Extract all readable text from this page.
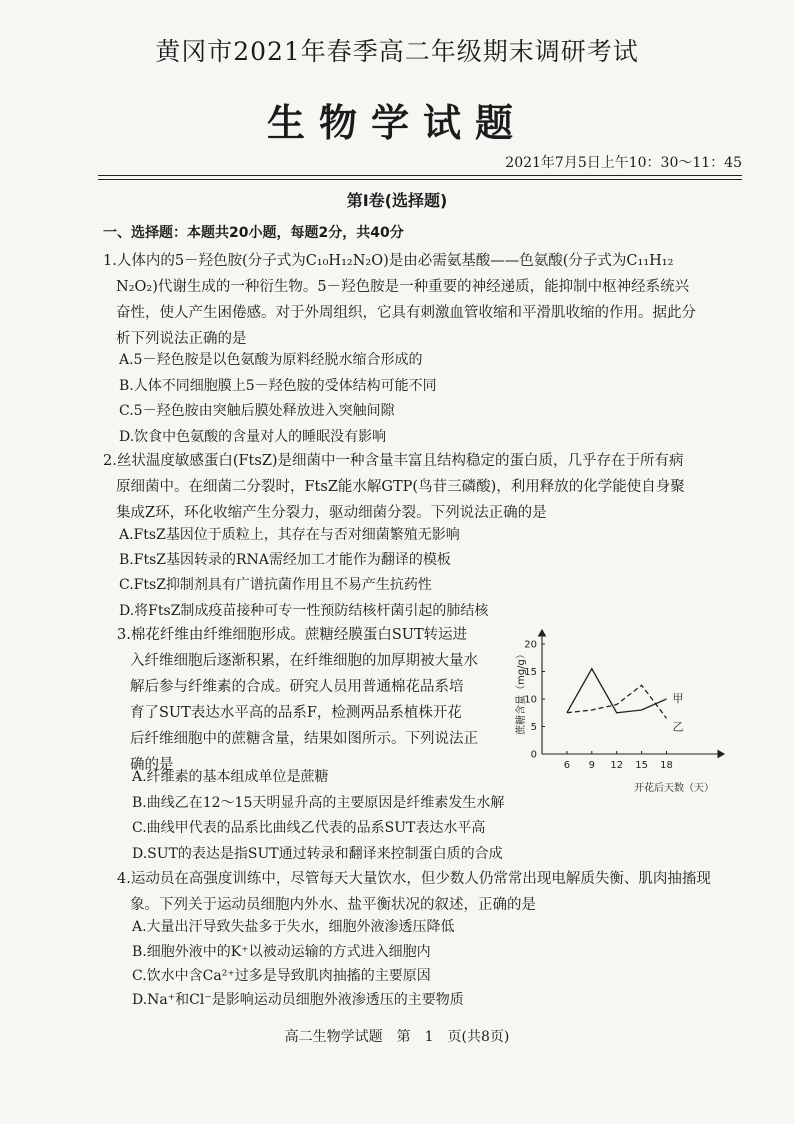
黄冈市2021年春季高二年级期末调研考试
生物学试题
2021年7月5日上午10：30～11：45
第Ⅰ卷(选择题)
一、选择题：本题共20小题，每题2分，共40分
1.人体内的5－羟色胺(分子式为C₁₀H₁₂N₂O)是由必需氨基酸——色氨酸(分子式为C₁₁H₁₂
N₂O₂)代谢生成的一种衍生物。5－羟色胺是一种重要的神经递质，能抑制中枢神经系统兴
奋性，使人产生困倦感。对于外周组织，它具有刺激血管收缩和平滑肌收缩的作用。据此分
析下列说法正确的是
A.5－羟色胺是以色氨酸为原料经脱水缩合形成的
B.人体不同细胞膜上5－羟色胺的受体结构可能不同
C.5－羟色胺由突触后膜处释放进入突触间隙
D.饮食中色氨酸的含量对人的睡眠没有影响
2.丝状温度敏感蛋白(FtsZ)是细菌中一种含量丰富且结构稳定的蛋白质，几乎存在于所有病
原细菌中。在细菌二分裂时，FtsZ能水解GTP(鸟苷三磷酸)，利用释放的化学能使自身聚
集成Z环，环化收缩产生分裂力，驱动细菌分裂。下列说法正确的是
A.FtsZ基因位于质粒上，其存在与否对细菌繁殖无影响
B.FtsZ基因转录的RNA需经加工才能作为翻译的模板
C.FtsZ抑制剂具有广谱抗菌作用且不易产生抗药性
D.将FtsZ制成疫苗接种可专一性预防结核杆菌引起的肺结核
3.棉花纤维由纤维细胞形成。蔗糖经膜蛋白SUT转运进
入纤维细胞后逐渐积累，在纤维细胞的加厚期被大量水
解后参与纤维素的合成。研究人员用普通棉花品系培
育了SUT表达水平高的品系F，检测两品系植株开花
后纤维细胞中的蔗糖含量，结果如图所示。下列说法正
确的是
A.纤维素的基本组成单位是蔗糖
B.曲线乙在12～15天明显升高的主要原因是纤维素发生水解
C.曲线甲代表的品系比曲线乙代表的品系SUT表达水平高
D.SUT的表达是指SUT通过转录和翻译来控制蛋白质的合成
6 9 12 15 18
0
5
10
15
20
甲
乙
蔗糖含量（mg/g）
开花后天数（天）
4.运动员在高强度训练中，尽管每天大量饮水，但少数人仍常常出现电解质失衡、肌肉抽搐现
象。下列关于运动员细胞内外水、盐平衡状况的叙述，正确的是
A.大量出汗导致失盐多于失水，细胞外液渗透压降低
B.细胞外液中的K⁺以被动运输的方式进入细胞内
C.饮水中含Ca²⁺过多是导致肌肉抽搐的主要原因
D.Na⁺和Cl⁻是影响运动员细胞外液渗透压的主要物质
高二生物学试题　第　1　页(共8页)
